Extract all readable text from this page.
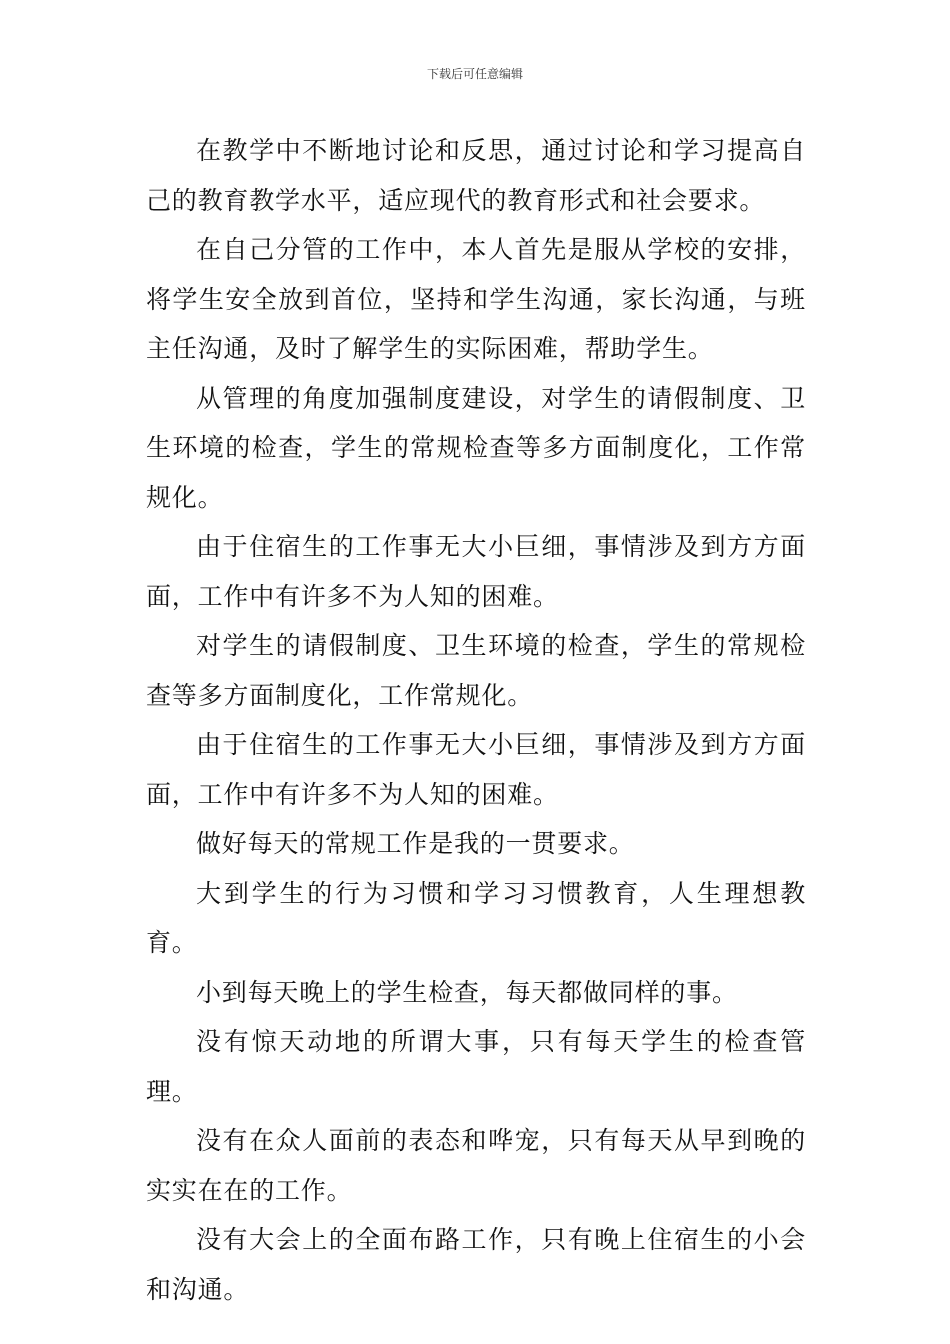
下载后可任意编辑

在教学中不断地讨论和反思，通过讨论和学习提高自己的教育教学水平，适应现代的教育形式和社会要求。

在自己分管的工作中，本人首先是服从学校的安排，将学生安全放到首位，坚持和学生沟通，家长沟通，与班主任沟通，及时了解学生的实际困难，帮助学生。

从管理的角度加强制度建设，对学生的请假制度、卫生环境的检查，学生的常规检查等多方面制度化，工作常规化。

由于住宿生的工作事无大小巨细，事情涉及到方方面面，工作中有许多不为人知的困难。

对学生的请假制度、卫生环境的检查，学生的常规检查等多方面制度化，工作常规化。

由于住宿生的工作事无大小巨细，事情涉及到方方面面，工作中有许多不为人知的困难。

做好每天的常规工作是我的一贯要求。

大到学生的行为习惯和学习习惯教育，人生理想教育。

小到每天晚上的学生检查，每天都做同样的事。

没有惊天动地的所谓大事，只有每天学生的检查管理。

没有在众人面前的表态和哗宠，只有每天从早到晚的实实在在的工作。

没有大会上的全面布路工作，只有晚上住宿生的小会和沟通。
